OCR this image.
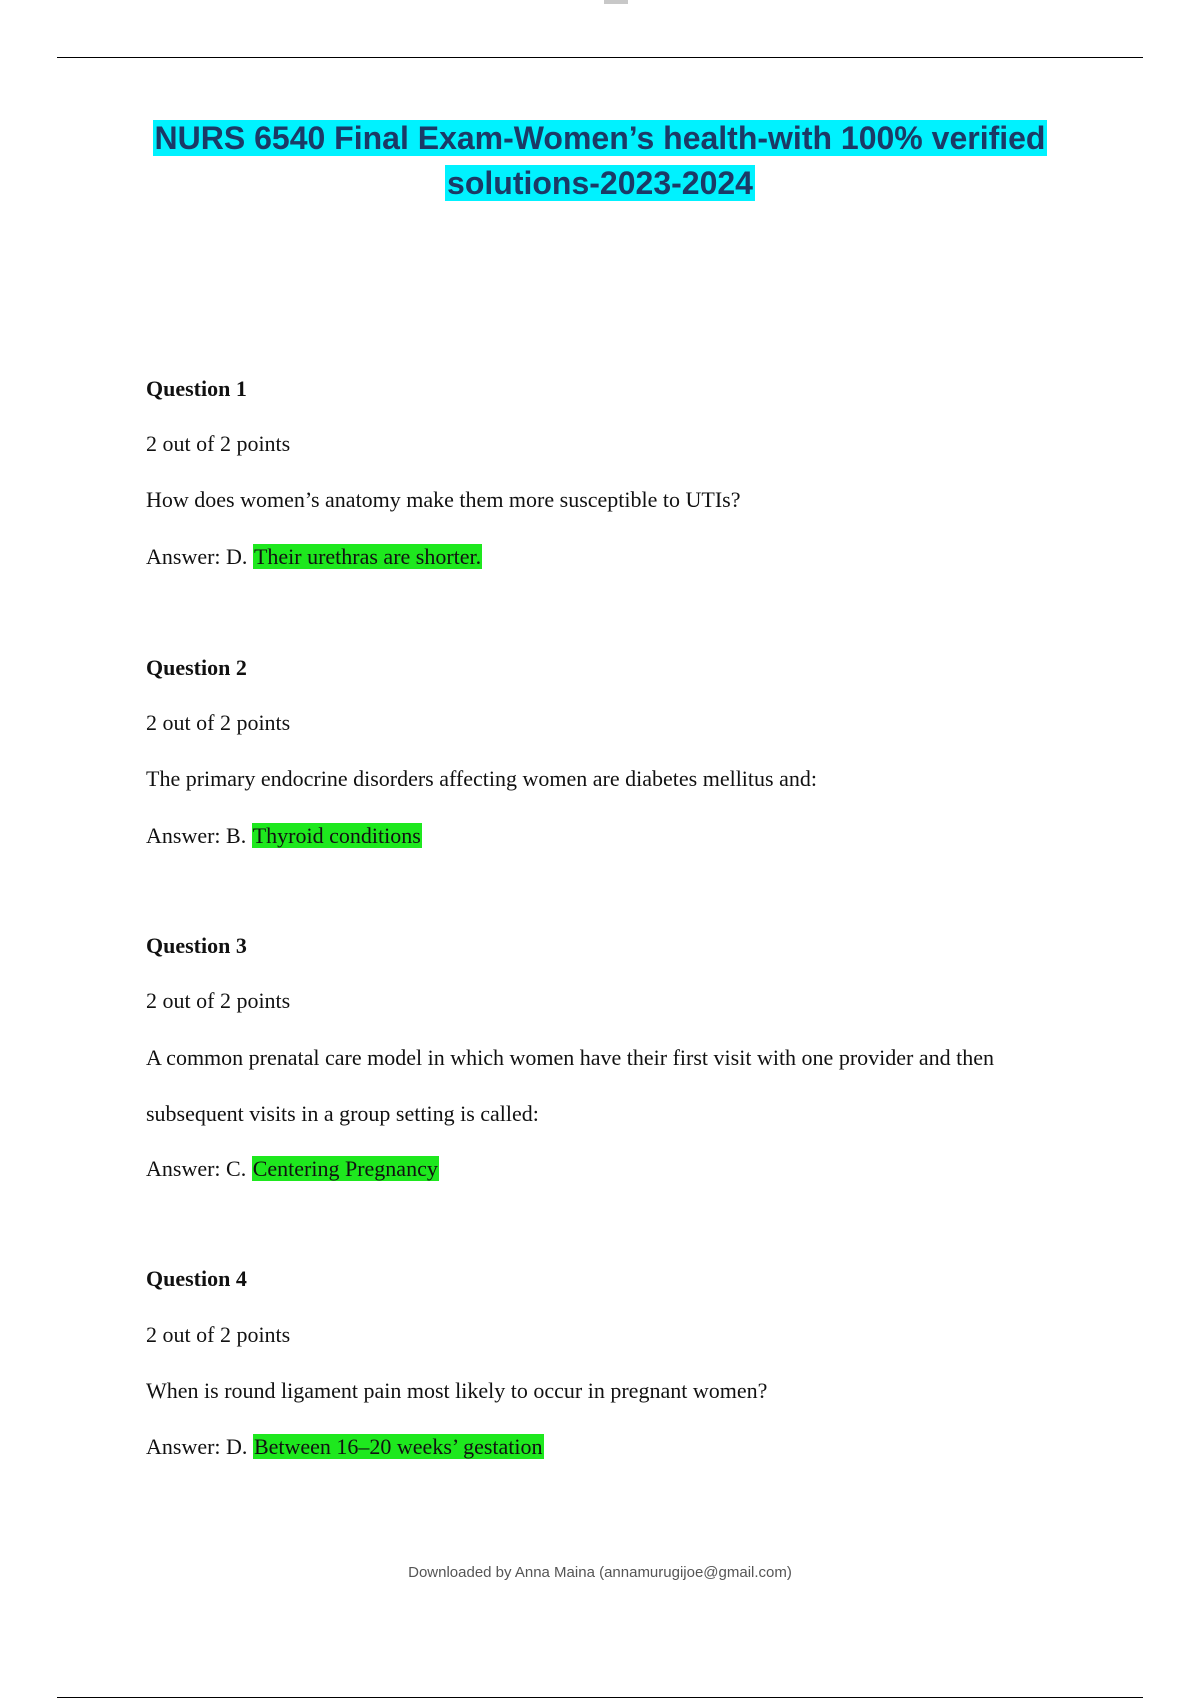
NURS 6540 Final Exam-Women’s health-with 100% verified
solutions-2023-2024
Question 1
2 out of 2 points
How does women’s anatomy make them more susceptible to UTIs?
Answer: D. Their urethras are shorter.
Question 2
2 out of 2 points
The primary endocrine disorders affecting women are diabetes mellitus and:
Answer: B. Thyroid conditions
Question 3
2 out of 2 points
A common prenatal care model in which women have their first visit with one provider and then subsequent visits in a group setting is called:
Answer: C. Centering Pregnancy
Question 4
2 out of 2 points
When is round ligament pain most likely to occur in pregnant women?
Answer: D. Between 16–20 weeks’ gestation
Downloaded by Anna Maina (annamurugijoe@gmail.com)
